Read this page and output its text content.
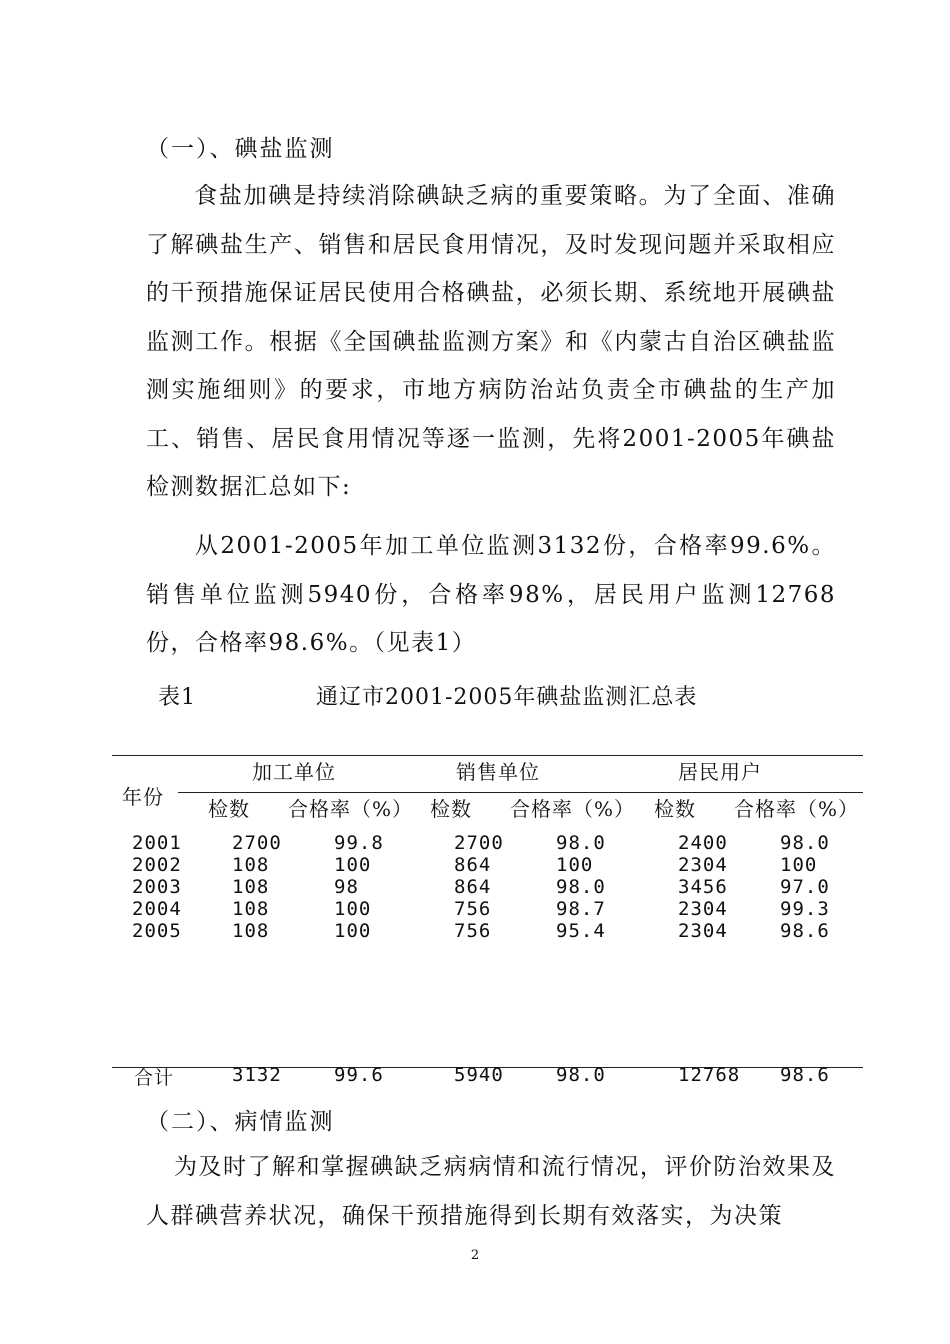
（一）、碘盐监测
食盐加碘是持续消除碘缺乏病的重要策略。为了全面、准确了解碘盐生产、销售和居民食用情况，及时发现问题并采取相应的干预措施保证居民使用合格碘盐，必须长期、系统地开展碘盐监测工作。根据《全国碘盐监测方案》和《内蒙古自治区碘盐监测实施细则》的要求，市地方病防治站负责全市碘盐的生产加工、销售、居民食用情况等逐一监测，先将2001-2005年碘盐检测数据汇总如下:
从2001-2005年加工单位监测3132份，合格率99.6%。销售单位监测5940份，合格率98%，居民用户监测12768份，合格率98.6%。（见表1）
表1	通辽市2001-2005年碘盐监测汇总表
年份
加工单位	销售单位	居民用户
检数 合格率（%） 检数 合格率（%） 检数 合格率（%）
2001	2700	99.8	2700	98.0	2400	98.0
2002	108	100	864	100	2304	100
2003	108	98	864	98.0	3456	97.0
2004	108	100	756	98.7	2304	99.3
2005	108	100	756	95.4	2304	98.6
合计	3132	99.6	5940	98.0	12768 98.6
（二）、病情监测
为及时了解和掌握碘缺乏病病情和流行情况，评价防治效果及人群碘营养状况，确保干预措施得到长期有效落实，为决策
2
